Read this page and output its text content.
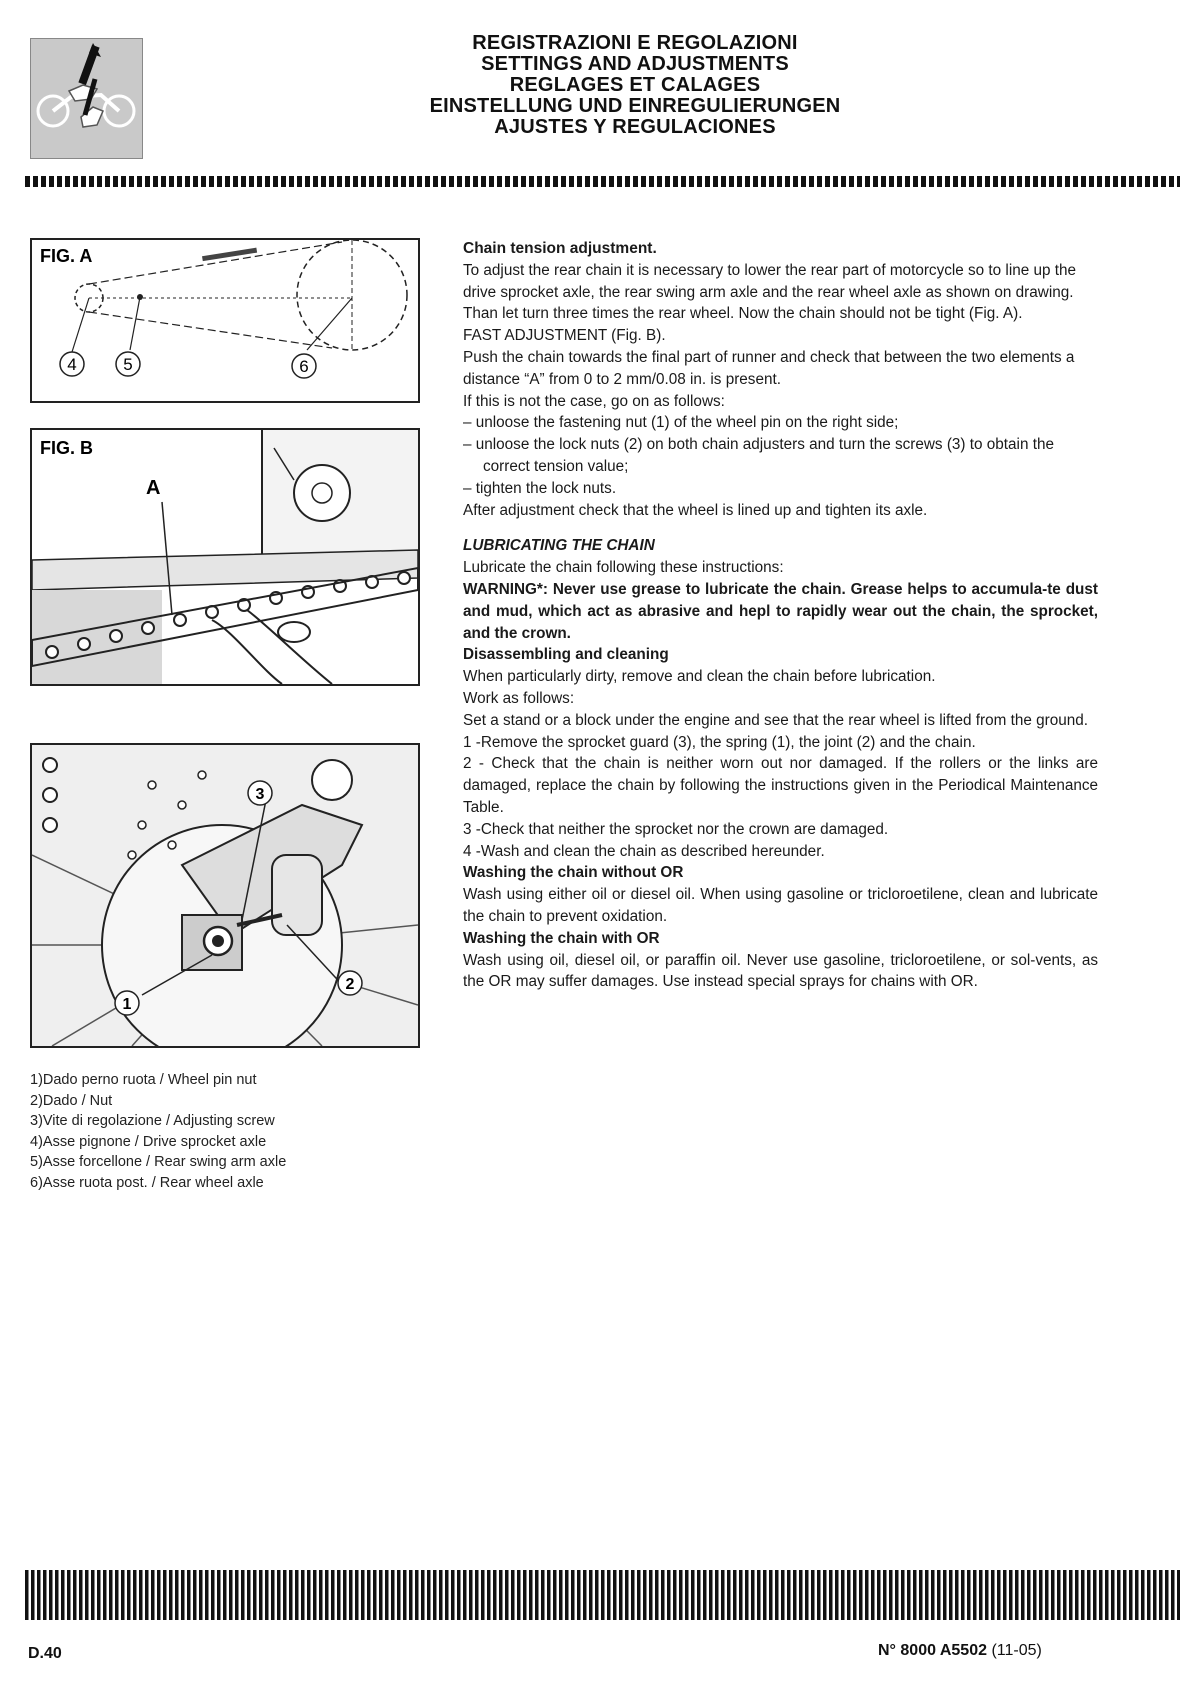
REGISTRAZIONI E REGOLAZIONI
SETTINGS AND ADJUSTMENTS
REGLAGES ET CALAGES
EINSTELLUNG UND EINREGULIERUNGEN
AJUSTES Y REGULACIONES
FIG. A
4	5	6
FIG. B
A
3
1
2
1)Dado perno ruota / Wheel pin nut
2)Dado / Nut
3)Vite di regolazione / Adjusting screw
4)Asse pignone / Drive sprocket axle
5)Asse forcellone / Rear swing arm axle
6)Asse ruota post. / Rear wheel axle

Chain tension adjustment.

To adjust the rear chain it is necessary to lower the rear part of motorcycle so to line up the drive sprocket axle, the rear swing arm axle and the rear wheel axle as shown on drawing.

Than let turn three times the rear wheel. Now the chain should not be tight (Fig. A).

FAST ADJUSTMENT (Fig. B).

Push the chain towards the final part of runner and check that between the two elements a distance “A” from 0 to 2 mm/0.08 in. is present.

If this is not the case, go on as follows:

– unloose the fastening nut (1) of the wheel pin on the right side;

– unloose the lock nuts (2) on both chain adjusters and turn the screws (3) to obtain the correct tension value;

– tighten the lock nuts.

After adjustment check that the wheel is lined up and tighten its axle.

LUBRICATING THE CHAIN

Lubricate the chain following these instructions:

WARNING*: Never use grease to lubricate the chain. Grease helps to accumula-te dust and mud, which act as abrasive and hepl to rapidly wear out the chain, the sprocket, and the crown.

Disassembling and cleaning

When particularly dirty, remove and clean the chain before lubrication.

Work as follows:

Set a stand or a block under the engine and see that the rear wheel is lifted from the ground.

1 -Remove the sprocket guard (3), the spring (1), the joint (2) and the chain.

2 - Check that the chain is neither worn out nor damaged. If the rollers or the links are damaged, replace the chain by following the instructions given in the Periodical Maintenance Table.

3 -Check that neither the sprocket nor the crown are damaged.

4 -Wash and clean the chain as described hereunder.

Washing the chain without OR

Wash using either oil or diesel oil. When using gasoline or tricloroetilene, clean and lubricate the chain to prevent oxidation.

Washing the chain with OR

Wash using oil, diesel oil, or paraffin oil. Never use gasoline, tricloroetilene, or sol-vents, as the OR may suffer damages. Use instead special sprays for chains with OR.

D.40	N° 8000 A5502 (11-05)
